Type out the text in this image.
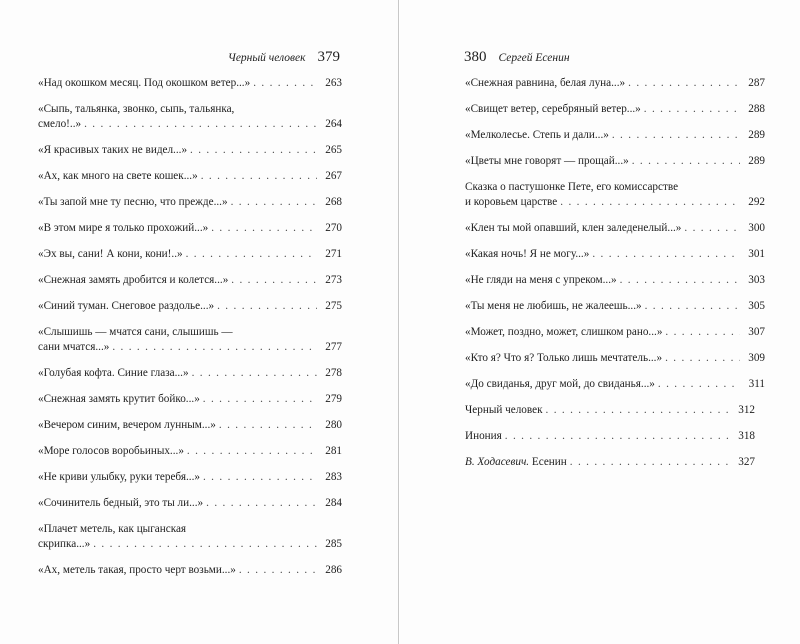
Черный человек 379
«Над окошком месяц. Под окошком ветер...» . . .	263
«Сыпь, тальянка, звонко, сыпь, тальянка,
смело!..» . . .	264
«Я красивых таких не видел...» . . .	265
«Ах, как много на свете кошек...» . . .	267
«Ты запой мне ту песню, что прежде...» . . .	268
«В этом мире я только прохожий...» . . .	270
«Эх вы, сани! А кони, кони!..» . . .	271
«Снежная замять дробится и колется...» . . .	273
«Синий туман. Снеговое раздолье...» . . .	275
«Слышишь — мчатся сани, слышишь —
сани мчатся...» . . .	277
«Голубая кофта. Синие глаза...» . . .	278
«Снежная замять крутит бойко...» . . .	279
«Вечером синим, вечером лунным...» . . .	280
«Море голосов воробьиных...» . . .	281
«Не криви улыбку, руки теребя...» . . .	283
«Сочинитель бедный, это ты ли...» . . .	284
«Плачет метель, как цыганская
скрипка...» . . .	285
«Ах, метель такая, просто черт возьми...» . . .	286
380 Сергей Есенин
«Снежная равнина, белая луна...» . . .	287
«Свищет ветер, серебряный ветер...» . . .	288
«Мелколесье. Степь и дали...» . . .	289
«Цветы мне говорят — прощай...» . . .	289
Сказка о пастушонке Пете, его комиссарстве
и коровьем царстве . . .	292
«Клен ты мой опавший, клен заледенелый...» . . .	300
«Какая ночь! Я не могу...» . . .	301
«Не гляди на меня с упреком...» . . .	303
«Ты меня не любишь, не жалеешь...» . . .	305
«Может, поздно, может, слишком рано...» . . .	307
«Кто я? Что я? Только лишь мечтатель...» . . .	309
«До свиданья, друг мой, до свиданья...» . . .	311
Черный человек . . .	312
Инония . . .	318
В. Ходасевич. Есенин . . .	327
